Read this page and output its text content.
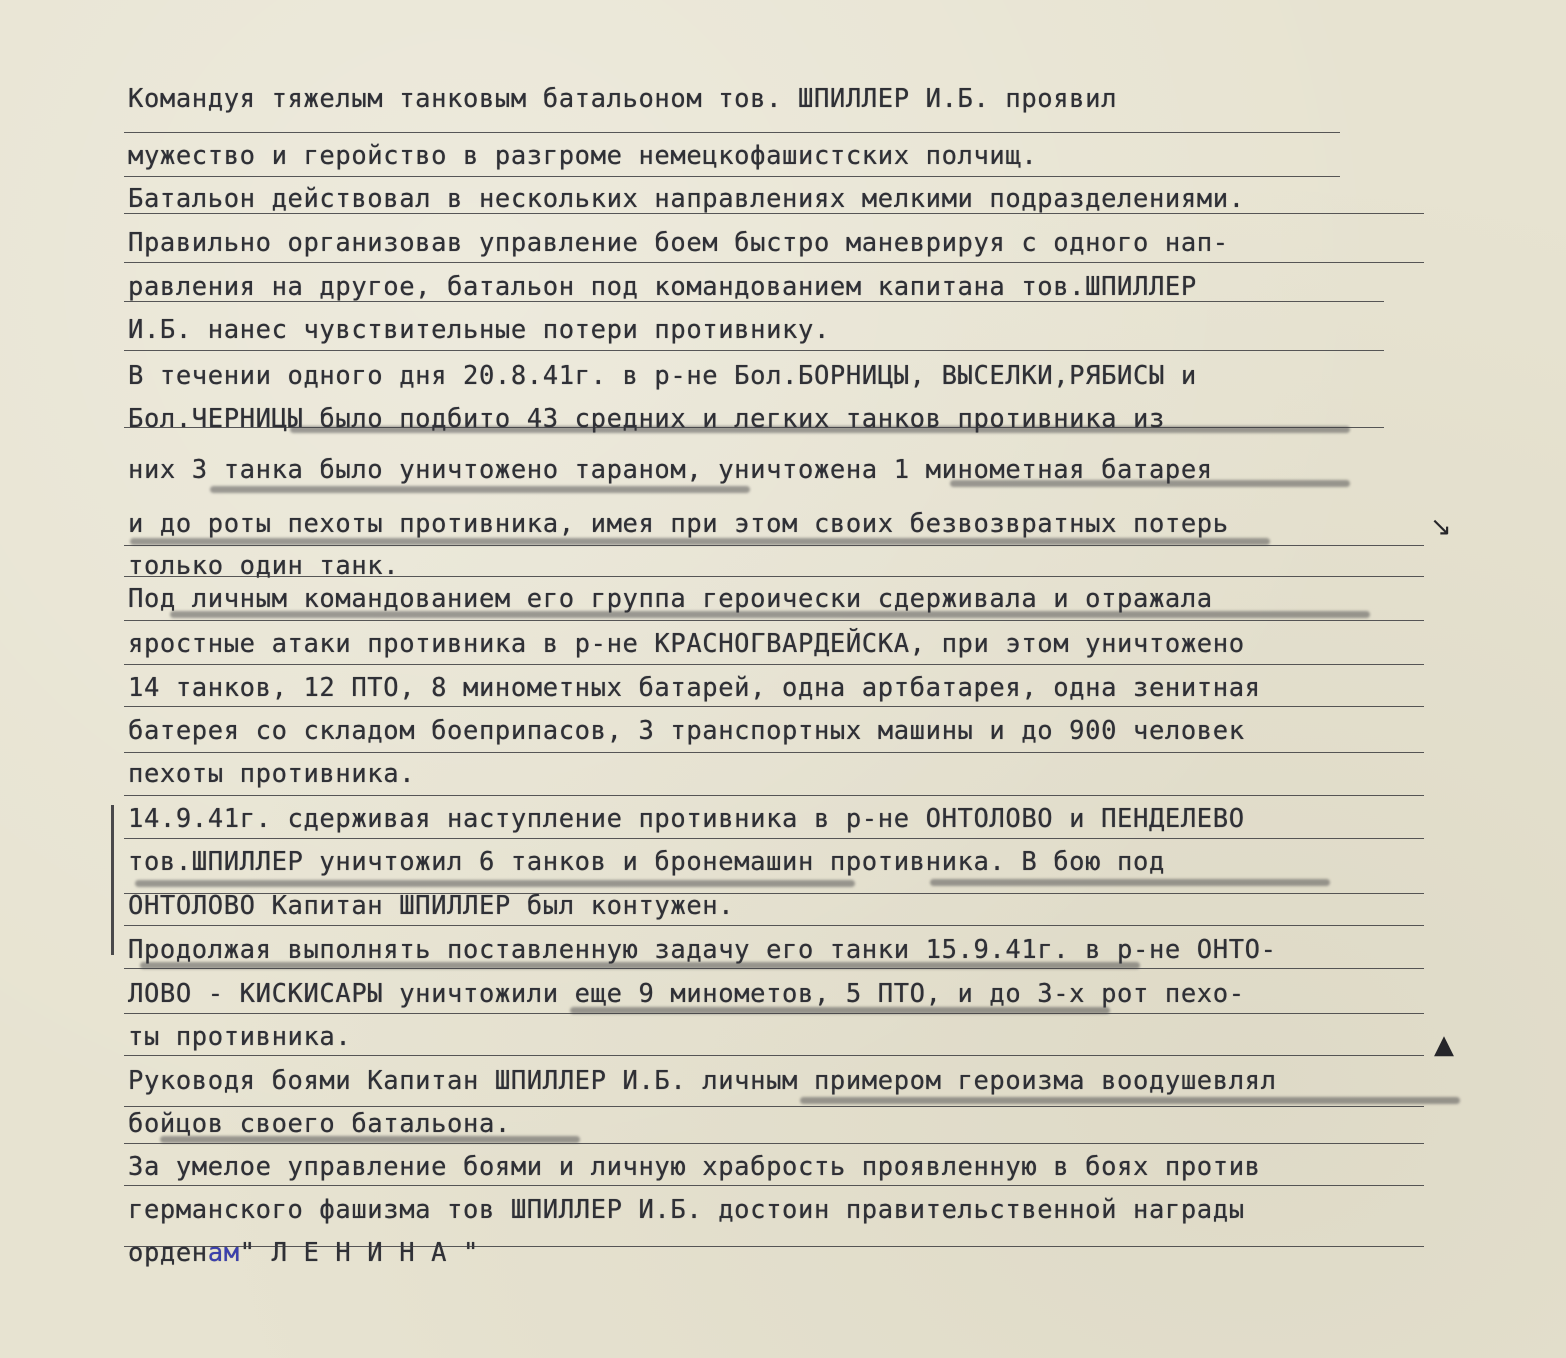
Командуя тяжелым танковым батальоном тов. ШПИЛЛЕР И.Б. проявил
мужество и геройство в разгроме немецкофашистских полчищ.
Батальон действовал в нескольких направлениях мелкими подразделениями.
Правильно организовав управление боем быстро маневрируя с одного нап-
равления на другое, батальон под командованием капитана тов.ШПИЛЛЕР
И.Б. нанес чувствительные потери противнику.
В течении одного дня 20.8.41г. в р-не Бол.БОРНИЦЫ, ВЫСЕЛКИ,РЯБИСЫ и
Бол.ЧЕРНИЦЫ было подбито 43 средних и легких танков противника из
них 3 танка было уничтожено тараном, уничтожена 1 минометная батарея
и до роты пехоты противника, имея при этом своих безвозвратных потерь
только один танк.
Под личным командованием его группа героически сдерживала и отражала
яростные атаки противника в р-не КРАСНОГВАРДЕЙСКА, при этом уничтожено
14 танков, 12 ПТО, 8 минометных батарей, одна артбатарея, одна зенитная
батерея со складом боеприпасов, 3 транспортных машины и до 900 человек
пехоты противника.
14.9.41г. сдерживая наступление противника в р-не ОНТОЛОВО и ПЕНДЕЛЕВО
тов.ШПИЛЛЕР уничтожил 6 танков и бронемашин противника. В бою под
ОНТОЛОВО Капитан ШПИЛЛЕР был контужен.
Продолжая выполнять поставленную задачу его танки 15.9.41г. в р-не ОНТО-
ЛОВО - КИСКИСАРЫ уничтожили еще 9 минометов, 5 ПТО, и до 3-х рот пехо-
ты противника.
Руководя боями Капитан ШПИЛЛЕР И.Б. личным примером героизма воодушевлял
бойцов своего батальона.
За умелое управление боями и личную храбрость проявленную в боях против
германского фашизма тов ШПИЛЛЕР И.Б. достоин правительственной награды
орденам" Л Е Н И Н А "
↘
▲
